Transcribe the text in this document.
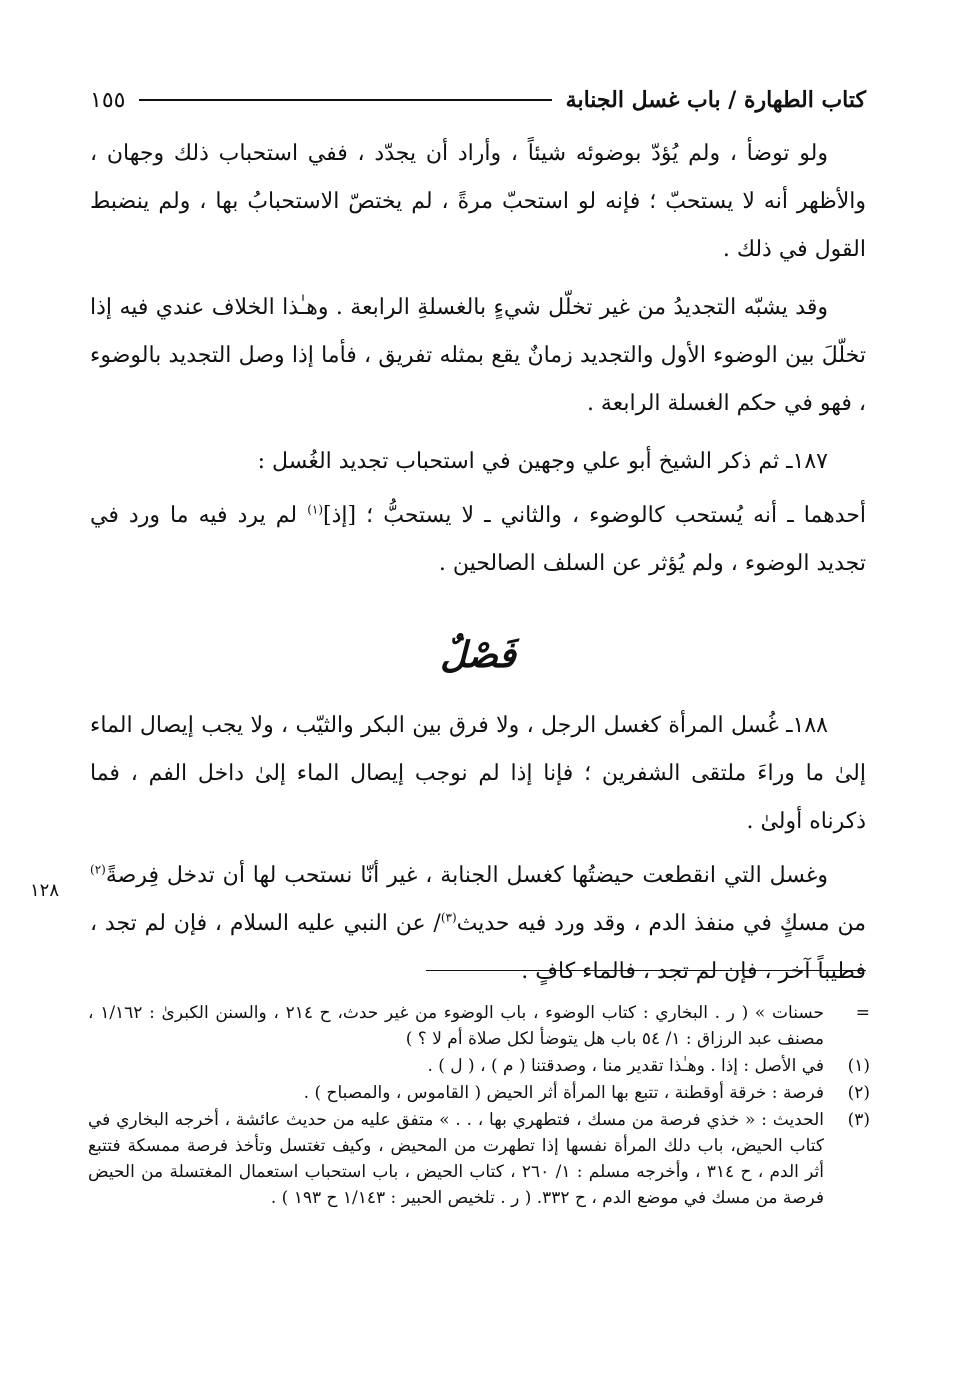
كتاب الطهارة / باب غسل الجنابة
١٥٥
١٢٨

ولو توضأ ، ولم يُؤدّ بوضوئه شيئاً ، وأراد أن يجدّد ، ففي استحباب ذلك وجهان ، والأظهر أنه لا يستحبّ ؛ فإنه لو استحبّ مرةً ، لم يختصّ الاستحبابُ بها ، ولم ينضبط القول في ذلك .

وقد يشبّه التجديدُ من غير تخلّل شيءٍ بالغسلةِ الرابعة . وهـٰذا الخلاف عندي فيه إذا تخلّلَ بين الوضوء الأول والتجديد زمانٌ يقع بمثله تفريق ، فأما إذا وصل التجديد بالوضوء ، فهو في حكم الغسلة الرابعة .

١٨٧ـ ثم ذكر الشيخ أبو علي وجهين في استحباب تجديد الغُسل :

أحدهما ـ أنه يُستحب كالوضوء ، والثاني ـ لا يستحبُّ ؛ [إذ]$^{(١)}$ لم يرد فيه ما ورد في تجديد الوضوء ، ولم يُؤثر عن السلف الصالحين .

فَصْلٌ

١٨٨ـ غُسل المرأة كغسل الرجل ، ولا فرق بين البكر والثيّب ، ولا يجب إيصال الماء إلىٰ ما وراءَ ملتقى الشفرين ؛ فإنا إذا لم نوجب إيصال الماء إلىٰ داخل الفم ، فما ذكرناه أولىٰ .

وغسل التي انقطعت حيضتُها كغسل الجنابة ، غير أنّا نستحب لها أن تدخل فِرصةً$^{(٢)}$ من مسكٍ في منفذ الدم ، وقد ورد فيه حديث$^{(٣)}$/ عن النبي عليه السلام ، فإن لم تجد ، فطيباً آخر ، فإن لم تجد ، فالماء كافٍ .

=
حسنات » ( ر . البخاري : كتاب الوضوء ، باب الوضوء من غير حدث، ح ٢١٤ ، والسنن الكبرىٰ : ١/١٦٢ ، مصنف عبد الرزاق : ١/ ٥٤ باب هل يتوضأ لكل صلاة أم لا ؟ )
(١)
في الأصل : إذا . وهـٰذا تقدير منا ، وصدقتنا ( م ) ، ( ل ) .
(٢)
فرصة : خرقة أوقطنة ، تتبع بها المرأة أثر الحيض ( القاموس ، والمصباح ) .
(٣)
الحديث : « خذي فرصة من مسك ، فتطهري بها ، . . » متفق عليه من حديث عائشة ، أخرجه البخاري في كتاب الحيض، باب دلك المرأة نفسها إذا تطهرت من المحيض ، وكيف تغتسل وتأخذ فرصة ممسكة فتتبع أثر الدم ، ح ٣١٤ ، وأخرجه مسلم : ١/ ٢٦٠ ، كتاب الحيض ، باب استحباب استعمال المغتسلة من الحيض فرصة من مسك في موضع الدم ، ح ٣٣٢. ( ر . تلخيص الحبير : ١/١٤٣ ح ١٩٣ ) .
